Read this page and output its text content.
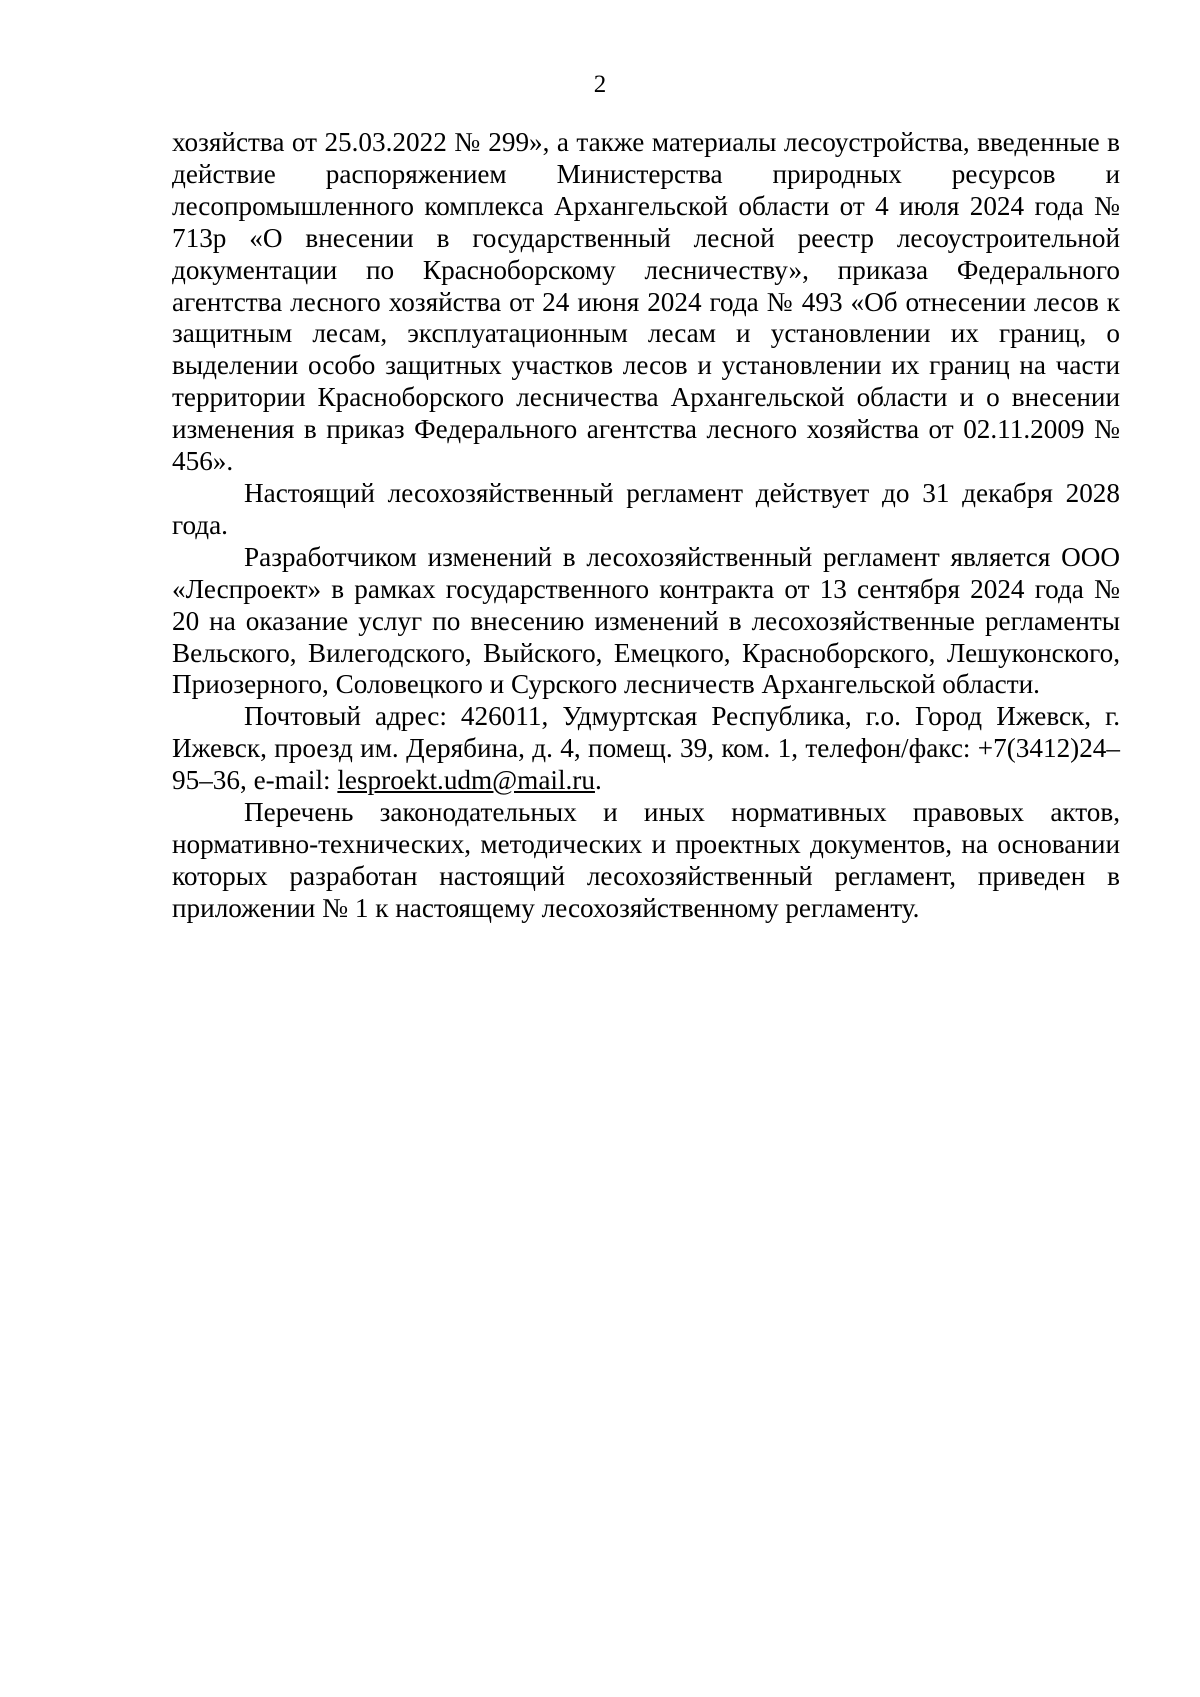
2

хозяйства от 25.03.2022 № 299», а также материалы лесоустройства, введенные в действие распоряжением Министерства природных ресурсов и лесопромышленного комплекса Архангельской области от 4 июля 2024 года № 713р «О внесении в государственный лесной реестр лесоустроительной документации по Красноборскому лесничеству», приказа Федерального агентства лесного хозяйства от 24 июня 2024 года № 493 «Об отнесении лесов к защитным лесам, эксплуатационным лесам и установлении их границ, о выделении особо защитных участков лесов и установлении их границ на части территории Красноборского лесничества Архангельской области и о внесении изменения в приказ Федерального агентства лесного хозяйства от 02.11.2009 № 456».

Настоящий лесохозяйственный регламент действует до 31 декабря 2028 года.

Разработчиком изменений в лесохозяйственный регламент является ООО «Леспроект» в рамках государственного контракта от 13 сентября 2024 года № 20 на оказание услуг по внесению изменений в лесохозяйственные регламенты Вельского, Вилегодского, Выйского, Емецкого, Красноборского, Лешуконского, Приозерного, Соловецкого и Сурского лесничеств Архангельской области.

Почтовый адрес: 426011, Удмуртская Республика, г.о. Город Ижевск, г. Ижевск, проезд им. Дерябина, д. 4, помещ. 39, ком. 1, телефон/факс: +7(3412)24–95–36, e-mail: lesproekt.udm@mail.ru.

Перечень законодательных и иных нормативных правовых актов, нормативно-технических, методических и проектных документов, на основании которых разработан настоящий лесохозяйственный регламент, приведен в приложении № 1 к настоящему лесохозяйственному регламенту.
